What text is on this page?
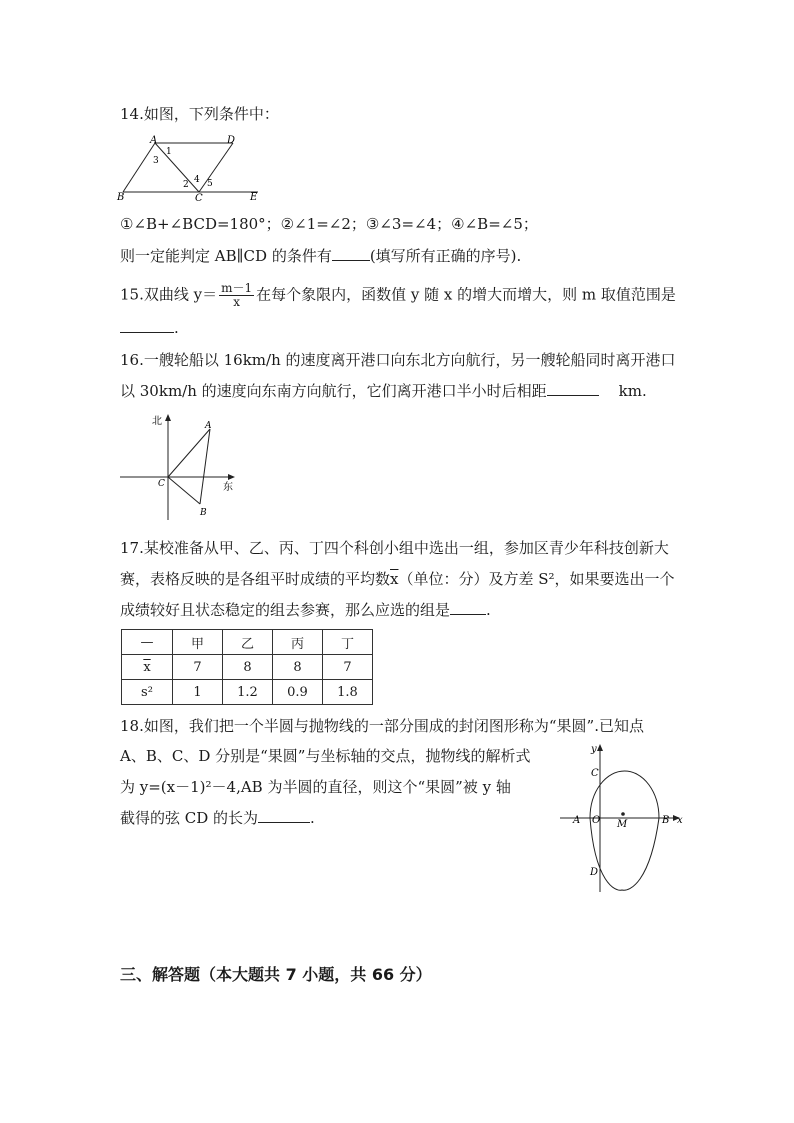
14.如图，下列条件中：
A	D
B	C	E
1
3
2 4 5
①∠B+∠BCD=180°；②∠1=∠2；③∠3=∠4；④∠B=∠5；
则一定能判定 AB∥CD 的条件有	(填写所有正确的序号).
15.双曲线 $y= \frac{m-1}{x}$ 在每个象限内，函数值 y 随 x 的增大而增大，则 m 取值范围是
.
16.一艘轮船以 16km/h 的速度离开港口向东北方向航行，另一艘轮船同时离开港口
以 30km/h 的速度向东南方向航行，它们离开港口半小时后相距	km.
北
东
A
B
C
17.某校准备从甲、乙、丙、丁四个科创小组中选出一组，参加区青少年科技创新大
赛，表格反映的是各组平时成绩的平均数$\overline{x}$（单位：分）及方差 S²，如果要选出一个
成绩较好且状态稳定的组去参赛，那么应选的组是 .
—	甲	乙	丙	丁
$\overline{x}$	7	8	8	7
s²	1	1.2	0.9	1.8
18.如图，我们把一个半圆与抛物线的一部分围成的封闭图形称为“果圆”.已知点
A、B、C、D 分别是“果圆”与坐标轴的交点，抛物线的解析式
为 y=(x－1)²－4,AB 为半圆的直径，则这个“果圆”被 y 轴
截得的弦 CD 的长为	.
y
x
C
A O M	B
D
三、解答题（本大题共 7 小题，共 66 分）
